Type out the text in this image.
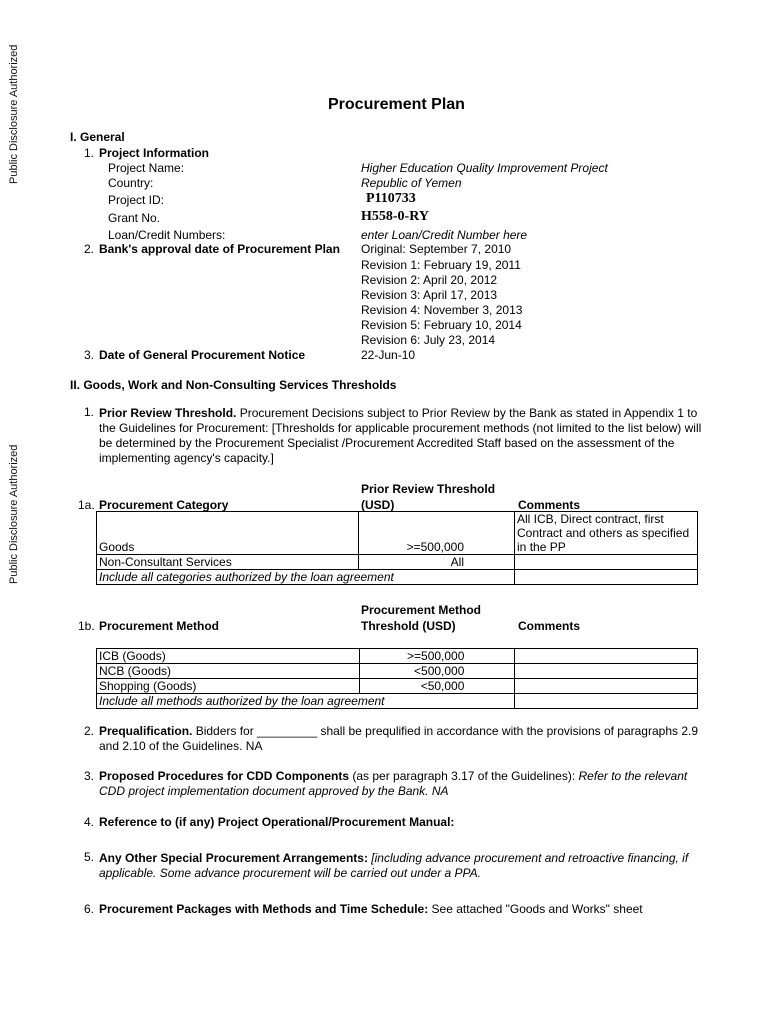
Public Disclosure Authorized
Public Disclosure Authorized
Procurement Plan
I. General
1. Project Information
Project Name:	Higher Education Quality Improvement Project
Country:	Republic of Yemen
Project ID:	P110733
Grant No.	H558-0-RY
Loan/Credit Numbers:	enter Loan/Credit Number here
2. Bank's approval date of Procurement Plan Original: September 7, 2010
Revision 1: February 19, 2011
Revision 2: April 20, 2012
Revision 3: April 17, 2013
Revision 4: November 3, 2013
Revision 5: February 10, 2014
Revision 6: July 23, 2014
3. Date of General Procurement Notice	22-Jun-10
II. Goods, Work and Non-Consulting Services Thresholds
1. Prior Review Threshold. Procurement Decisions subject to Prior Review by the Bank as stated in Appendix 1 to
the Guidelines for Procurement: [Thresholds for applicable procurement methods (not limited to the list below) will
be determined by the Procurement Specialist /Procurement Accredited Staff based on the assessment of the
implementing agency's capacity.]
Prior Review Threshold
1a. Procurement Category	(USD)	Comments
Goods	>=500,000	All ICB, Direct contract, first
Contract and others as specified
in the PP

Non-Consultant Services	All	
Include all categories authorized by the loan agreement		
Procurement Method
1b. Procurement Method	Threshold (USD)	Comments
ICB (Goods)	>=500,000	
NCB (Goods)	<500,000	
Shopping (Goods)	<50,000	
Include all methods authorized by the loan agreement		
2. Prequalification. Bidders for _________ shall be prequlified in accordance with the provisions of paragraphs 2.9
and 2.10 of the Guidelines. NA
3. Proposed Procedures for CDD Components (as per paragraph 3.17 of the Guidelines): Refer to the relevant
CDD project implementation document approved by the Bank. NA
4. Reference to (if any) Project Operational/Procurement Manual:
5. Any Other Special Procurement Arrangements: [including advance procurement and retroactive financing, if
applicable. Some advance procurement will be carried out under a PPA.
6. Procurement Packages with Methods and Time Schedule: See attached "Goods and Works" sheet
